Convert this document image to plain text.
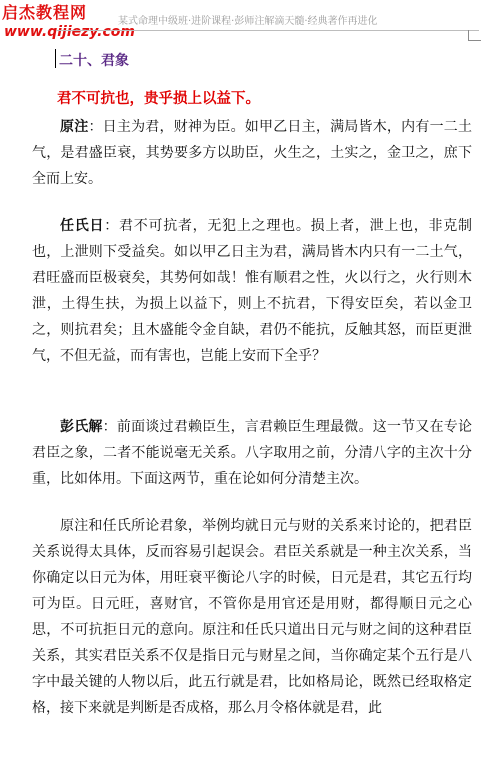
启杰教程网
www.qijiezy.com
某式命理中级班·进阶课程·彭师注解滴天髓·经典著作再进化
二十、君象
君不可抗也，贵乎损上以益下。

原注：日主为君，财神为臣。如甲乙日主，满局皆木，内有一二土气，是君盛臣衰，其势要多方以助臣，火生之，土实之，金卫之，庶下全而上安。

任氏日：君不可抗者，无犯上之理也。损上者，泄上也，非克制也，上泄则下受益矣。如以甲乙日主为君，满局皆木内只有一二土气，君旺盛而臣极衰矣，其势何如哉！惟有顺君之性，火以行之，火行则木泄，土得生扶，为损上以益下，则上不抗君，下得安臣矣，若以金卫之，则抗君矣；且木盛能令金自缺，君仍不能抗，反触其怒，而臣更泄气，不但无益，而有害也，岂能上安而下全乎？

彭氏解：前面谈过君赖臣生，言君赖臣生理最微。这一节又在专论君臣之象，二者不能说毫无关系。八字取用之前，分清八字的主次十分重，比如体用。下面这两节，重在论如何分清楚主次。

原注和任氏所论君象，举例均就日元与财的关系来讨论的，把君臣关系说得太具体，反而容易引起误会。君臣关系就是一种主次关系，当你确定以日元为体，用旺衰平衡论八字的时候，日元是君，其它五行均可为臣。日元旺，喜财官，不管你是用官还是用财，都得顺日元之心思，不可抗拒日元的意向。原注和任氏只道出日元与财之间的这种君臣关系，其实君臣关系不仅是指日元与财星之间，当你确定某个五行是八字中最关键的人物以后，此五行就是君，比如格局论，既然已经取格定格，接下来就是判断是否成格，那么月令格体就是君，此
